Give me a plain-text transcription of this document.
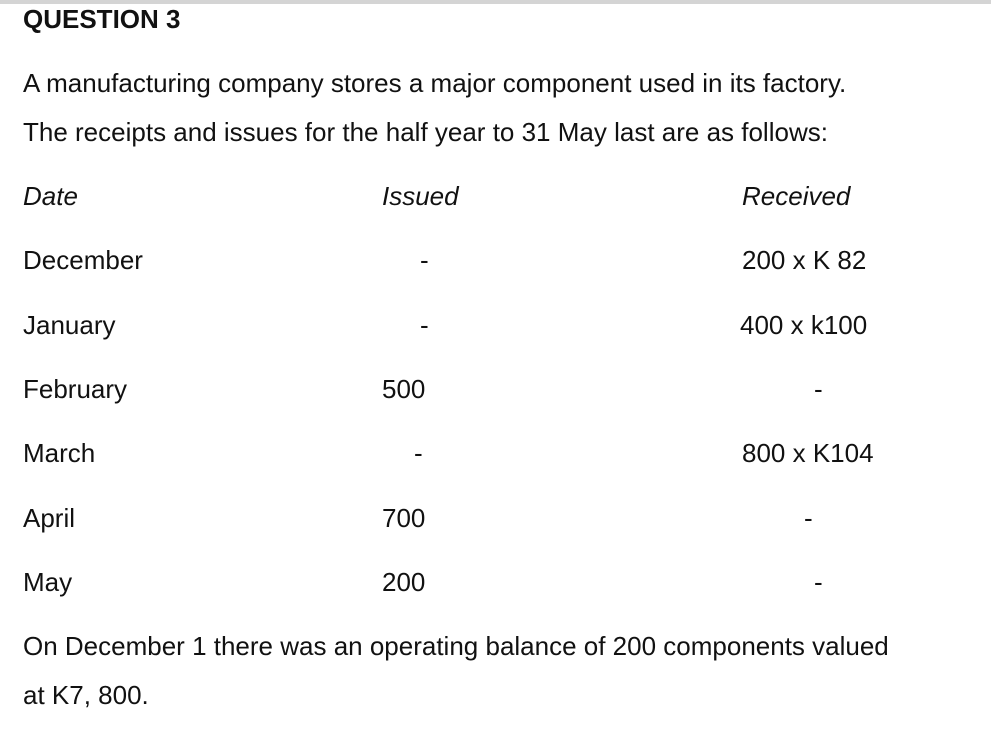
QUESTION 3
A manufacturing company stores a major component used in its factory.
The receipts and issues for the half year to 31 May last are as follows:
Date	Issued	Received
December	-	200 x K 82
January	-	400 x k100
February	500	-
March	-	800 x K104
April	700	-
May	200	-
On December 1 there was an operating balance of 200 components valued
at K7, 800.
